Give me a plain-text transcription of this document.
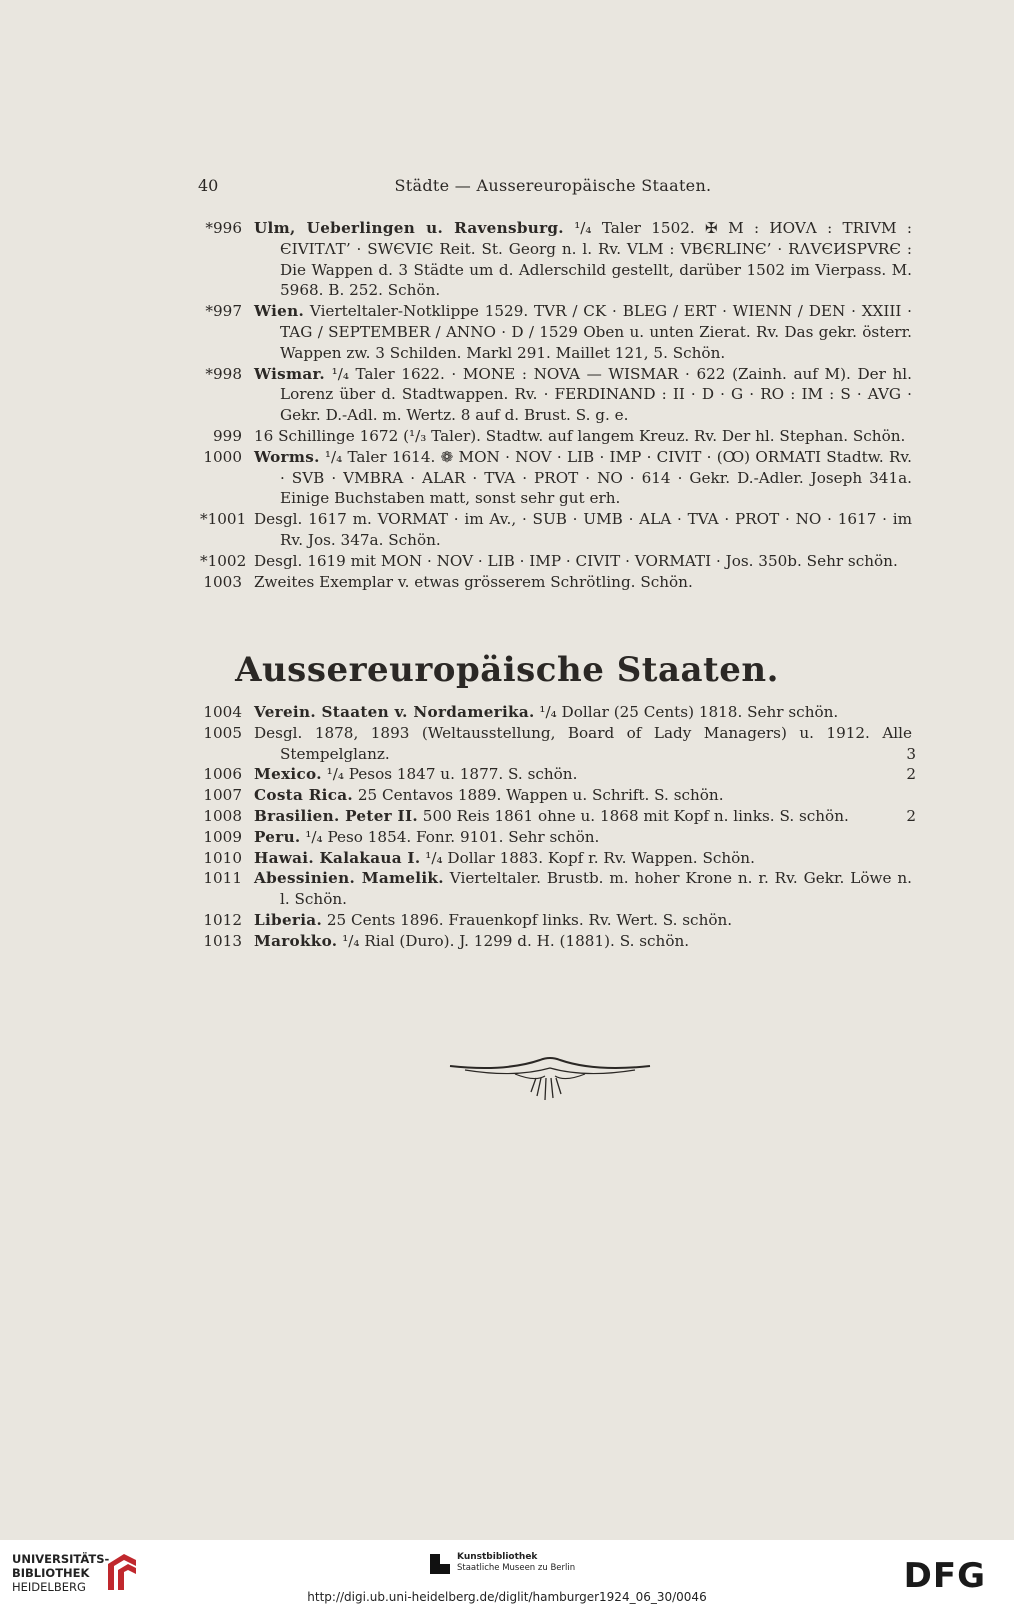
40	Städte — Aussereuropäische Staaten.
*996 Ulm, Ueberlingen u. Ravensburg. ¹/₄ Taler 1502. ✠ M : ИOVΛ : TRIVM : ЄIVITΛT’ · SWЄVIЄ Reit. St. Georg n. l. Rv. VLM : VBЄRLINЄ’ · RΛVЄИSPVRЄ : Die Wappen d. 3 Städte um d. Adlerschild gestellt, darüber 1502 im Vierpass. M. 5968. B. 252. Schön.
*997 Wien. Vierteltaler-Notklippe 1529. TVR / CK · BLEG / ERT · WIENN / DEN · XXIII · TAG / SEPTEMBER / ANNO · D / 1529 Oben u. unten Zierat. Rv. Das gekr. österr. Wappen zw. 3 Schilden. Markl 291. Maillet 121, 5. Schön.
*998 Wismar. ¹/₄ Taler 1622. · MONE : NOVA — WISMAR · 622 (Zainh. auf M). Der hl. Lorenz über d. Stadtwappen. Rv. · FERDINAND : II · D · G · RO : IM : S · AVG · Gekr. D.-Adl. m. Wertz. 8 auf d. Brust. S. g. e.
999 16 Schillinge 1672 (¹/₃ Taler). Stadtw. auf langem Kreuz. Rv. Der hl. Stephan. Schön.
1000 Worms. ¹/₄ Taler 1614. ❁ MON · NOV · LIB · IMP · CIVIT · (Ꝏ) ORMATI Stadtw. Rv. · SVB · VMBRA · ALAR · TVA · PROT · NO · 614 · Gekr. D.-Adler. Joseph 341a. Einige Buchstaben matt, sonst sehr gut erh.
*1001 Desgl. 1617 m. VORMAT · im Av., · SUB · UMB · ALA · TVA · PROT · NO · 1617 · im Rv. Jos. 347a. Schön.
*1002 Desgl. 1619 mit MON · NOV · LIB · IMP · CIVIT · VORMATI · Jos. 350b. Sehr schön.
1003 Zweites Exemplar v. etwas grösserem Schrötling. Schön.
Aussereuropäische Staaten.
1004 Verein. Staaten v. Nordamerika. ¹/₄ Dollar (25 Cents) 1818. Sehr schön.
1005 Desgl. 1878, 1893 (Weltausstellung, Board of Lady Managers) u. 1912. Alle Stempelglanz.	3
1006 Mexico. ¹/₄ Pesos 1847 u. 1877. S. schön.	2
1007 Costa Rica. 25 Centavos 1889. Wappen u. Schrift. S. schön.
1008 Brasilien. Peter II. 500 Reis 1861 ohne u. 1868 mit Kopf n. links. S. schön.	2
1009 Peru. ¹/₄ Peso 1854. Fonr. 9101. Sehr schön.
1010 Hawai. Kalakaua I. ¹/₄ Dollar 1883. Kopf r. Rv. Wappen. Schön.
1011 Abessinien. Mamelik. Vierteltaler. Brustb. m. hoher Krone n. r. Rv. Gekr. Löwe n. l. Schön.
1012 Liberia. 25 Cents 1896. Frauenkopf links. Rv. Wert. S. schön.
1013 Marokko. ¹/₄ Rial (Duro). J. 1299 d. H. (1881). S. schön.
UNIVERSITÄTS-
BIBLIOTHEK
HEIDELBERG
Kunstbibliothek
Staatliche Museen zu Berlin	DFG
http://digi.ub.uni-heidelberg.de/diglit/hamburger1924_06_30/0046
